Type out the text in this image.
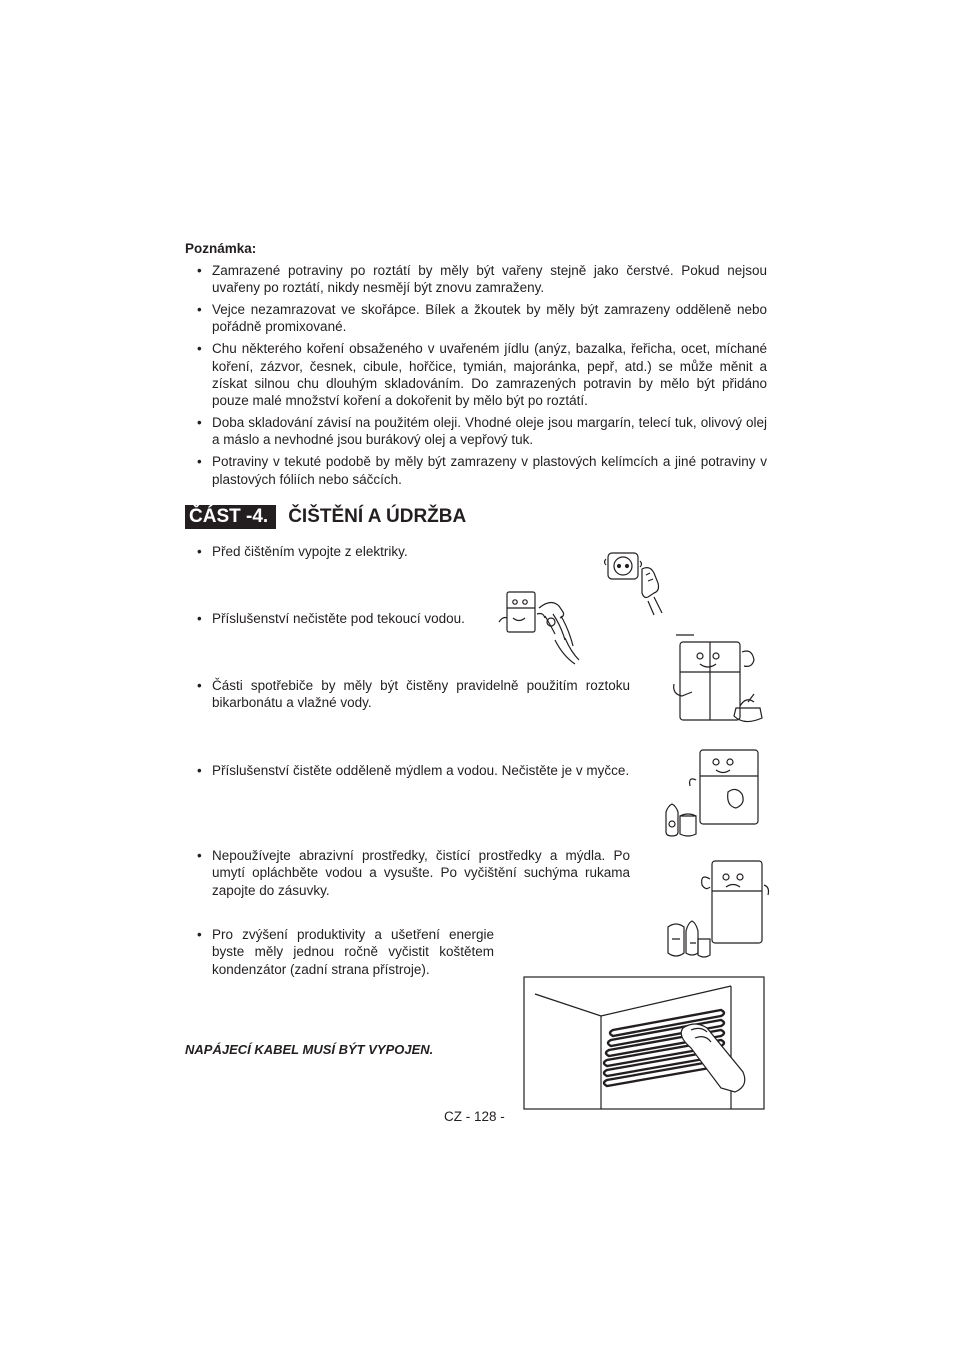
Poznámka:
• Zamrazené potraviny po roztátí by měly být vařeny stejně jako čerstvé. Pokud nejsou uvařeny po roztátí, nikdy nesmějí být znovu zamraženy.
• Vejce nezamrazovat ve skořápce. Bílek a žkoutek by měly být zamrazeny odděleně nebo pořádně promixované.
• Chu některého koření obsaženého v uvařeném jídlu (anýz, bazalka, řeřicha, ocet, míchané koření, zázvor, česnek, cibule, hořčice, tymián, majoránka, pepř, atd.) se může měnit a získat silnou chu dlouhým skladováním. Do zamrazených potravin by mělo být přidáno pouze malé množství koření a dokořenit by mělo být po roztátí.
• Doba skladování závisí na použitém oleji. Vhodné oleje jsou margarín, telecí tuk, olivový olej a máslo a nevhodné jsou burákový olej a vepřový tuk.
• Potraviny v tekuté podobě by měly být zamrazeny v plastových kelímcích a jiné potraviny v plastových fóliích nebo sáčcích.
ČÁST -4.	ČIŠTĚNÍ A ÚDRŽBA
• Před čištěním vypojte z elektriky.
• Příslušenství nečistěte pod tekoucí vodou.
• Části spotřebiče by měly být čistěny pravidelně použitím roztoku bikarbonátu a vlažné vody.
• Příslušenství čistěte odděleně mýdlem a vodou. Nečistěte je v myčce.
• Nepoužívejte abrazivní prostředky, čistící prostředky a mýdla. Po umytí opláchběte vodou a vysušte. Po vyčištění suchýma rukama zapojte do zásuvky.
• Pro zvýšení produktivity a ušetření energie byste měly jednou ročně vyčistit koštětem kondenzátor (zadní strana přístroje).
NAPÁJECÍ KABEL MUSÍ BÝT VYPOJEN.
CZ - 128 -
